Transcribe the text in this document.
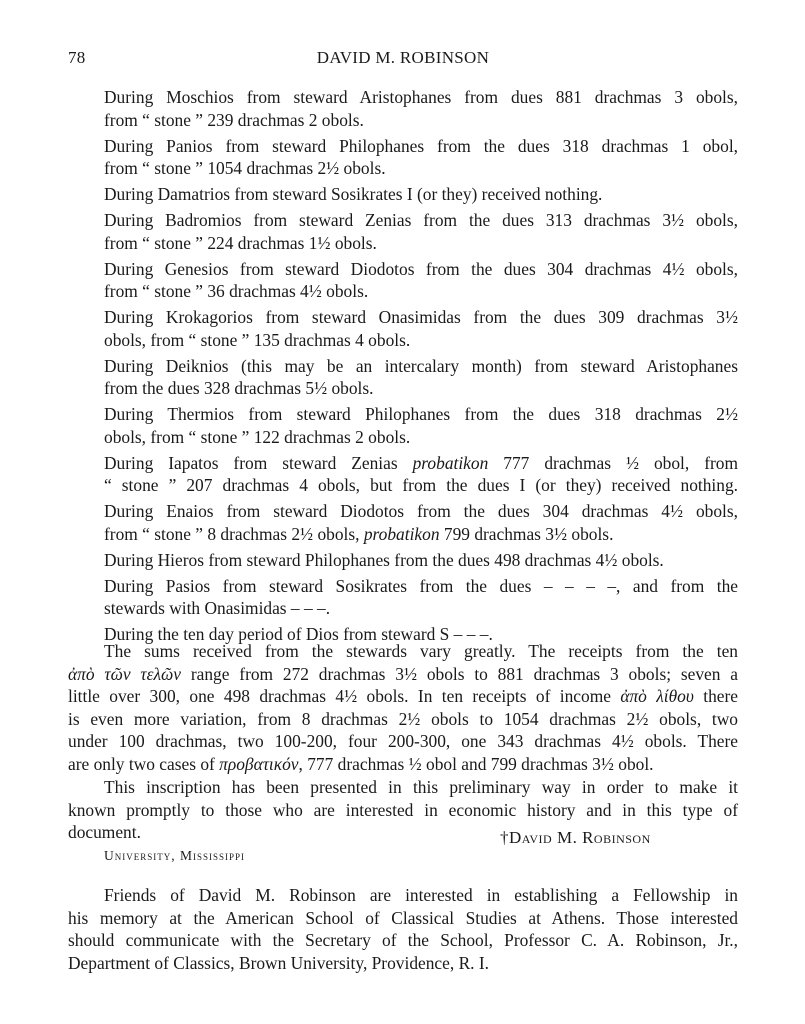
78	DAVID M. ROBINSON
During Moschios from steward Aristophanes from dues 881 drachmas 3 obols,
from “ stone ” 239 drachmas 2 obols.
During Panios from steward Philophanes from the dues 318 drachmas 1 obol,
from “ stone ” 1054 drachmas 2½ obols.
During Damatrios from steward Sosikrates I (or they) received nothing.
During Badromios from steward Zenias from the dues 313 drachmas 3½ obols,
from “ stone ” 224 drachmas 1½ obols.
During Genesios from steward Diodotos from the dues 304 drachmas 4½ obols,
from “ stone ” 36 drachmas 4½ obols.
During Krokagorios from steward Onasimidas from the dues 309 drachmas 3½
obols, from “ stone ” 135 drachmas 4 obols.
During Deiknios (this may be an intercalary month) from steward Aristophanes
from the dues 328 drachmas 5½ obols.
During Thermios from steward Philophanes from the dues 318 drachmas 2½
obols, from “ stone ” 122 drachmas 2 obols.
During Iapatos from steward Zenias probatikon 777 drachmas ½ obol, from
“ stone ” 207 drachmas 4 obols, but from the dues I (or they) received nothing.
During Enaios from steward Diodotos from the dues 304 drachmas 4½ obols,
from “ stone ” 8 drachmas 2½ obols, probatikon 799 drachmas 3½ obols.
During Hieros from steward Philophanes from the dues 498 drachmas 4½ obols.
During Pasios from steward Sosikrates from the dues – – – –, and from the
stewards with Onasimidas – – –.
During the ten day period of Dios from steward S – – –.
The sums received from the stewards vary greatly. The receipts from the ten
ἀπὸ τῶν τελῶν range from 272 drachmas 3½ obols to 881 drachmas 3 obols; seven a
little over 300, one 498 drachmas 4½ obols. In ten receipts of income ἀπὸ λίθου there
is even more variation, from 8 drachmas 2½ obols to 1054 drachmas 2½ obols, two
under 100 drachmas, two 100-200, four 200-300, one 343 drachmas 4½ obols. There
are only two cases of προβατικόν, 777 drachmas ½ obol and 799 drachmas 3½ obol.
This inscription has been presented in this preliminary way in order to make it
known promptly to those who are interested in economic history and in this type of
document.	†David M. Robinson
University, Mississippi
Friends of David M. Robinson are interested in establishing a Fellowship in
his memory at the American School of Classical Studies at Athens. Those interested
should communicate with the Secretary of the School, Professor C. A. Robinson, Jr.,
Department of Classics, Brown University, Providence, R. I.
